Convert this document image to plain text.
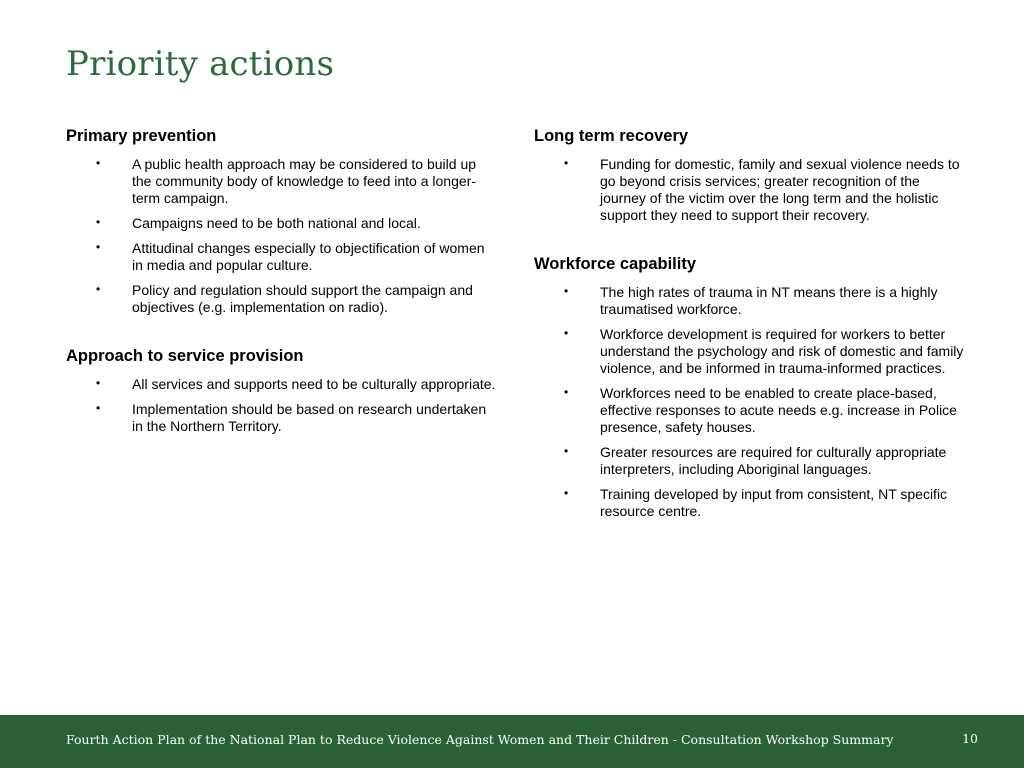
Priority actions
Primary prevention
• A public health approach may be considered to build up the community body of knowledge to feed into a longer-term campaign.
• Campaigns need to be both national and local.
• Attitudinal changes especially to objectification of women in media and popular culture.
• Policy and regulation should support the campaign and objectives (e.g. implementation on radio).
Approach to service provision
• All services and supports need to be culturally appropriate.
• Implementation should be based on research undertaken in the Northern Territory.
Long term recovery
• Funding for domestic, family and sexual violence needs to go beyond crisis services; greater recognition of the journey of the victim over the long term and the holistic support they need to support their recovery.
Workforce capability
• The high rates of trauma in NT means there is a highly traumatised workforce.
• Workforce development is required for workers to better understand the psychology and risk of domestic and family violence, and be informed in trauma-informed practices.
• Workforces need to be enabled to create place-based, effective responses to acute needs e.g. increase in Police presence, safety houses.
• Greater resources are required for culturally appropriate interpreters, including Aboriginal languages.
• Training developed by input from consistent, NT specific resource centre.
Fourth Action Plan of the National Plan to Reduce Violence Against Women and Their Children - Consultation Workshop Summary	10
